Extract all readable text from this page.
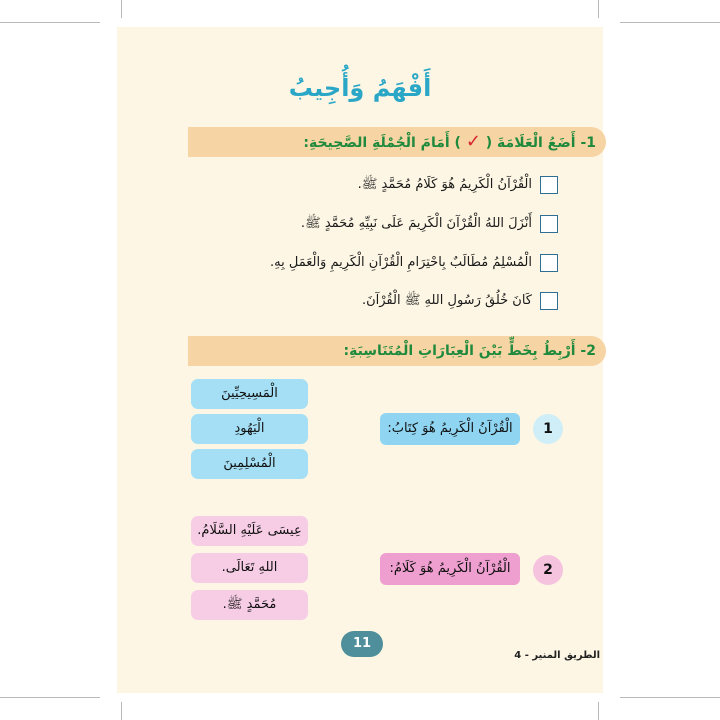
أَفْهَمُ وَأُجِيبُ
1- أَضَعُ الْعَلَامَةَ ( ✓ ) أَمَامَ الْجُمْلَةِ الصَّحِيحَةِ:
الْقُرْآنُ الْكَرِيمُ هُوَ كَلَامُ مُحَمَّدٍ ﷺ.
أَنْزَلَ اللهُ الْقُرْآنَ الْكَرِيمَ عَلَى نَبِيِّهِ مُحَمَّدٍ ﷺ.
الْمُسْلِمُ مُطَالَبٌ بِاحْتِرَامِ الْقُرْآنِ الْكَرِيمِ وَالْعَمَلِ بِهِ.
كَانَ خُلُقُ رَسُولِ اللهِ ﷺ الْقُرْآنَ.
2- أَرْبِطُ بِخَطٍّ بَيْنَ الْعِبَارَاتِ الْمُتَنَاسِبَةِ:
الْمَسِيحِيِّينَ
الْيَهُودِ
الْمُسْلِمِينَ
الْقُرْآنُ الْكَرِيمُ هُوَ كِتَابُ:	1
عِيسَى عَلَيْهِ السَّلَامُ.
اللهِ تَعَالَى.
مُحَمَّدٍ ﷺ.
الْقُرْآنُ الْكَرِيمُ هُوَ كَلَامُ:	2
11
الطريق المنير - 4
